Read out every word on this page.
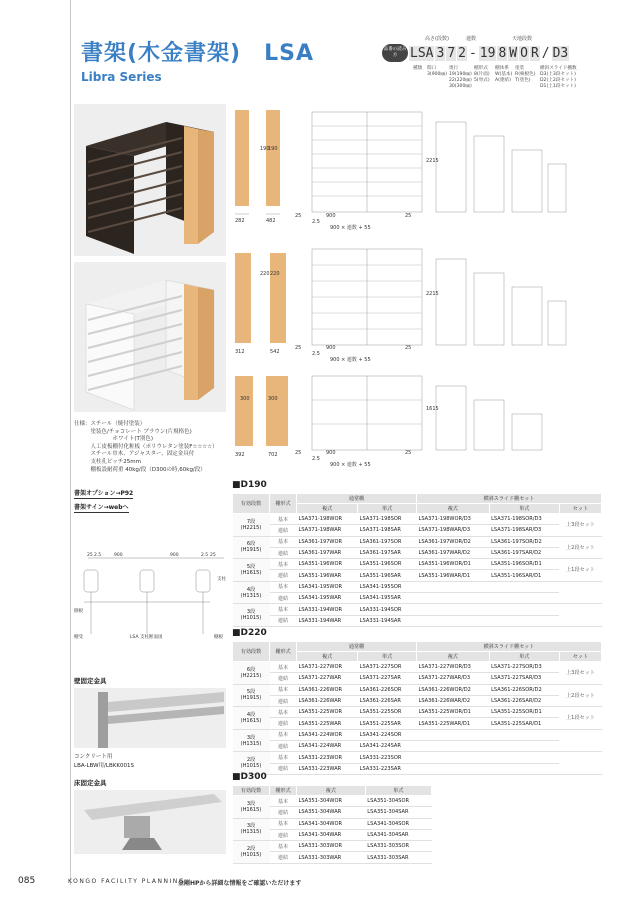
書架(木金書架)　LSA
Libra Series
高さ(段数)	連数	天地段数
品番の読み方 LSA 3 7 2 - 19 8 W O R / D3
種類 間口
3(900㎜)
奥行
19(190㎜)
22(220㎜)
30(300㎜)
棚形式
8(片面)
5(単式)
棚体系
W(基本)
A(連結)
塗装
R(検板色)
T(塗色)
横斜スライド棚数
D3(上3段セット)
D2(上2段セット)
D1(上1段セット)
190
190
282	482
25	900	25
2.5
900 × 連数 + 55
2215
220 220
312	542
25	900	25
2.5
900 × 連数 + 55
2215
300	300
392	702	25	900	25
2.5
900 × 連数 + 55
1615
仕様：スチール（焼付塗装）
　　　塗装色/チョコレート ブラウン(片規格色)
　　　　　　　ホワイト(T別色)
　　　人工皮板棚付化粧板（ポリウレタン塗装F☆☆☆☆）
　　　スチール巾木、アジャスター、固定金具付
　　　支柱孔ピッチ25mm
　　　棚板設耐荷重 40kg/段（D300の時,60kg/段）
書架オプション→P92
書架サイン→webへ
25 2.5	900	900	2.5 25
支柱
側板
棚受	LSA 支柱断面図	棚板
壁固定金具
コンクリート用
LBA-LBW用/LBKK001S
床固定金具
■D190
有効段数	棚形式	通常棚		横斜スライド棚セット		
		複式	単式	複式	単式	セット
7段
(H2215)	基本	LSA371-198WOR	LSA371-198SOR	LSA371-198WOR/D3	LSA371-198SOR/D3	上3段セット
	連結	LSA371-198WAR	LSA371-198SAR	LSA371-198WAR/D3	LSA371-198SAR/D3	
6段
(H1915)	基本	LSA361-197WOR	LSA361-197SOR	LSA361-197WOR/D2	LSA361-197SOR/D2	上2段セット
	連結	LSA361-197WAR	LSA361-197SAR	LSA361-197WAR/D2	LSA361-197SAR/D2	
5段
(H1615)	基本	LSA351-196WOR	LSA351-196SOR	LSA351-196WOR/D1	LSA351-196SOR/D1	上1段セット
	連結	LSA351-196WAR	LSA351-196SAR	LSA351-196WAR/D1	LSA351-196SAR/D1	
4段
(H1315)	基本	LSA341-195WOR	LSA341-195SOR			
	連結	LSA341-195WAR	LSA341-195SAR			
3段
(H1015)	基本	LSA331-194WOR	LSA331-194SOR			
	連結	LSA331-194WAR	LSA331-194SAR			
■D220
有効段数	棚形式	通常棚		横斜スライド棚セット		
		複式	単式	複式	単式	セット
6段
(H2215)	基本	LSA371-227WOR	LSA371-227SOR	LSA371-227WOR/D3	LSA371-227SOR/D3	上3段セット
	連結	LSA371-227WAR	LSA371-227SAR	LSA371-227WAR/D3	LSA371-227SAR/D3	
5段
(H1915)	基本	LSA361-226WOR	LSA361-226SOR	LSA361-226WOR/D2	LSA361-226SOR/D2	上2段セット
	連結	LSA361-226WAR	LSA361-226SAR	LSA361-226WAR/D2	LSA361-226SAR/D2	
4段
(H1615)	基本	LSA351-225WOR	LSA351-225SOR	LSA351-225WOR/D1	LSA351-225SOR/D1	上1段セット
	連結	LSA351-225WAR	LSA351-225SAR	LSA351-225WAR/D1	LSA351-225SAR/D1	
3段
(H1315)	基本	LSA341-224WOR	LSA341-224SOR			
	連結	LSA341-224WAR	LSA341-224SAR			
2段
(H1015)	基本	LSA331-223WOR	LSA331-223SOR			
	連結	LSA331-223WAR	LSA331-223SAR			
■D300
有効段数	棚形式	複式	単式
3段
(H1615)	基本	LSA351-304WOR	LSA351-304SOR
	連結	LSA351-304WAR	LSA351-304SAR
3段
(H1315)	基本	LSA341-304WOR	LSA341-304SOR
	連結	LSA341-304WAR	LSA341-304SAR
2段
(H1015)	基本	LSA331-303WOR	LSA331-303SOR
	連結	LSA331-303WAR	LSA331-303SAR
085	KONGO FACILITY PLANNING
金剛HPから詳細な情報をご確認いただけます
